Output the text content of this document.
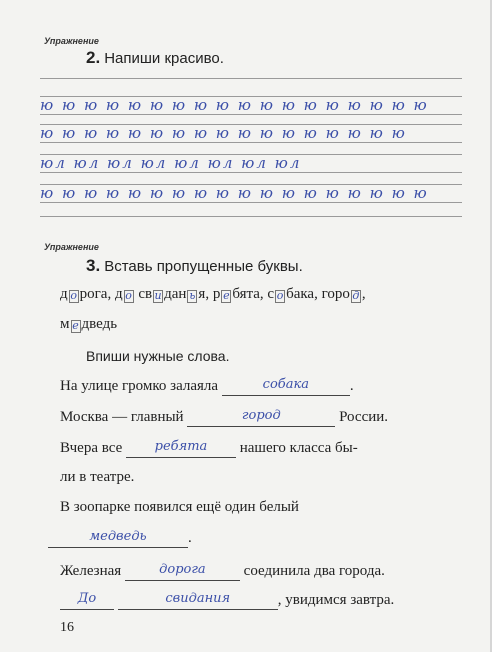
Упражнение
2. Напиши красиво.
ю ю ю ю ю ю ю ю ю ю ю ю ю ю ю ю ю ю
ю ю ю ю ю ю ю ю ю ю ю ю ю ю ю ю ю
юл юл юл юл юл юл юл юл
ю ю ю ю ю ю ю ю ю ю ю ю ю ю ю ю ю ю
Упражнение
3. Вставь пропущенные буквы.
д о рога, д о св и дан ь я, р е бята, с о бака, горо д ,
м е дведь
Впиши нужные слова.
На улице громко залаяла	собака	.
Москва — главный	город	России.
Вчера все ребята нашего класса бы-
ли в театре.
В зоопарке появился ещё один белый
медведь	.
Железная	дорога	соединила два города.
До	свидания	, увидимся завтра.
16
